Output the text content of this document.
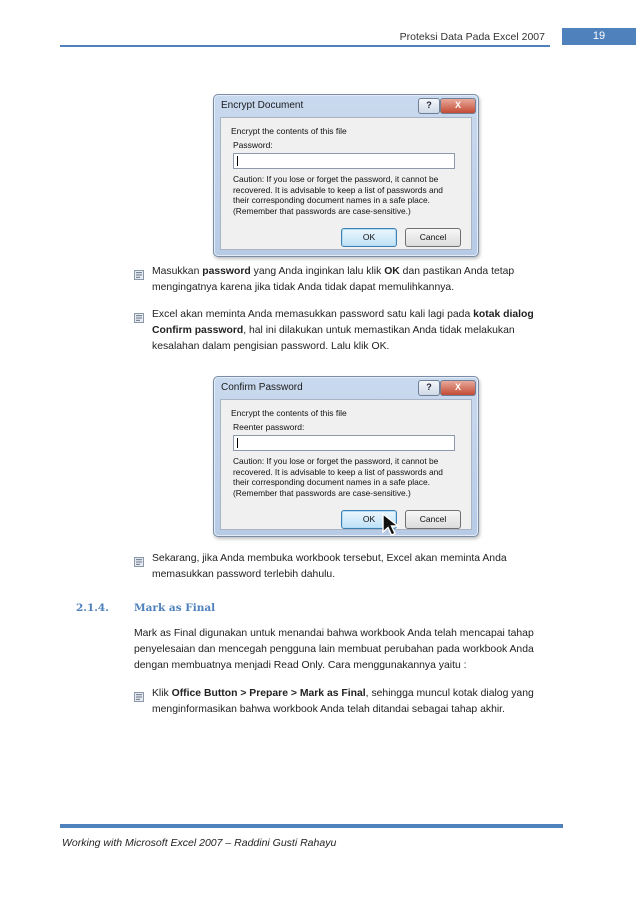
Proteksi Data Pada Excel 2007	19
Encrypt Document	?	X
Encrypt the contents of this file
Password:
Caution: If you lose or forget the password, it cannot be
recovered. It is advisable to keep a list of passwords and
their corresponding document names in a safe place.
(Remember that passwords are case-sensitive.)
OK	Cancel
Masukkan password yang Anda inginkan lalu klik OK dan pastikan Anda tetap mengingatnya karena jika tidak Anda tidak dapat memulihkannya.
Excel akan meminta Anda memasukkan password satu kali lagi pada kotak dialog Confirm password, hal ini dilakukan untuk memastikan Anda tidak melakukan kesalahan dalam pengisian password. Lalu klik OK.
Confirm Password	?	X
Encrypt the contents of this file
Reenter password:
Caution: If you lose or forget the password, it cannot be
recovered. It is advisable to keep a list of passwords and
their corresponding document names in a safe place.
(Remember that passwords are case-sensitive.)
OK	Cancel
Sekarang, jika Anda membuka workbook tersebut, Excel akan meminta Anda memasukkan password terlebih dahulu.
2.1.4. Mark as Final
Mark as Final digunakan untuk menandai bahwa workbook Anda telah mencapai tahap penyelesaian dan mencegah pengguna lain membuat perubahan pada workbook Anda dengan membuatnya menjadi Read Only. Cara menggunakannya yaitu :
Klik Office Button > Prepare > Mark as Final, sehingga muncul kotak dialog yang menginformasikan bahwa workbook Anda telah ditandai sebagai tahap akhir.
Working with Microsoft Excel 2007 – Raddini Gusti Rahayu
